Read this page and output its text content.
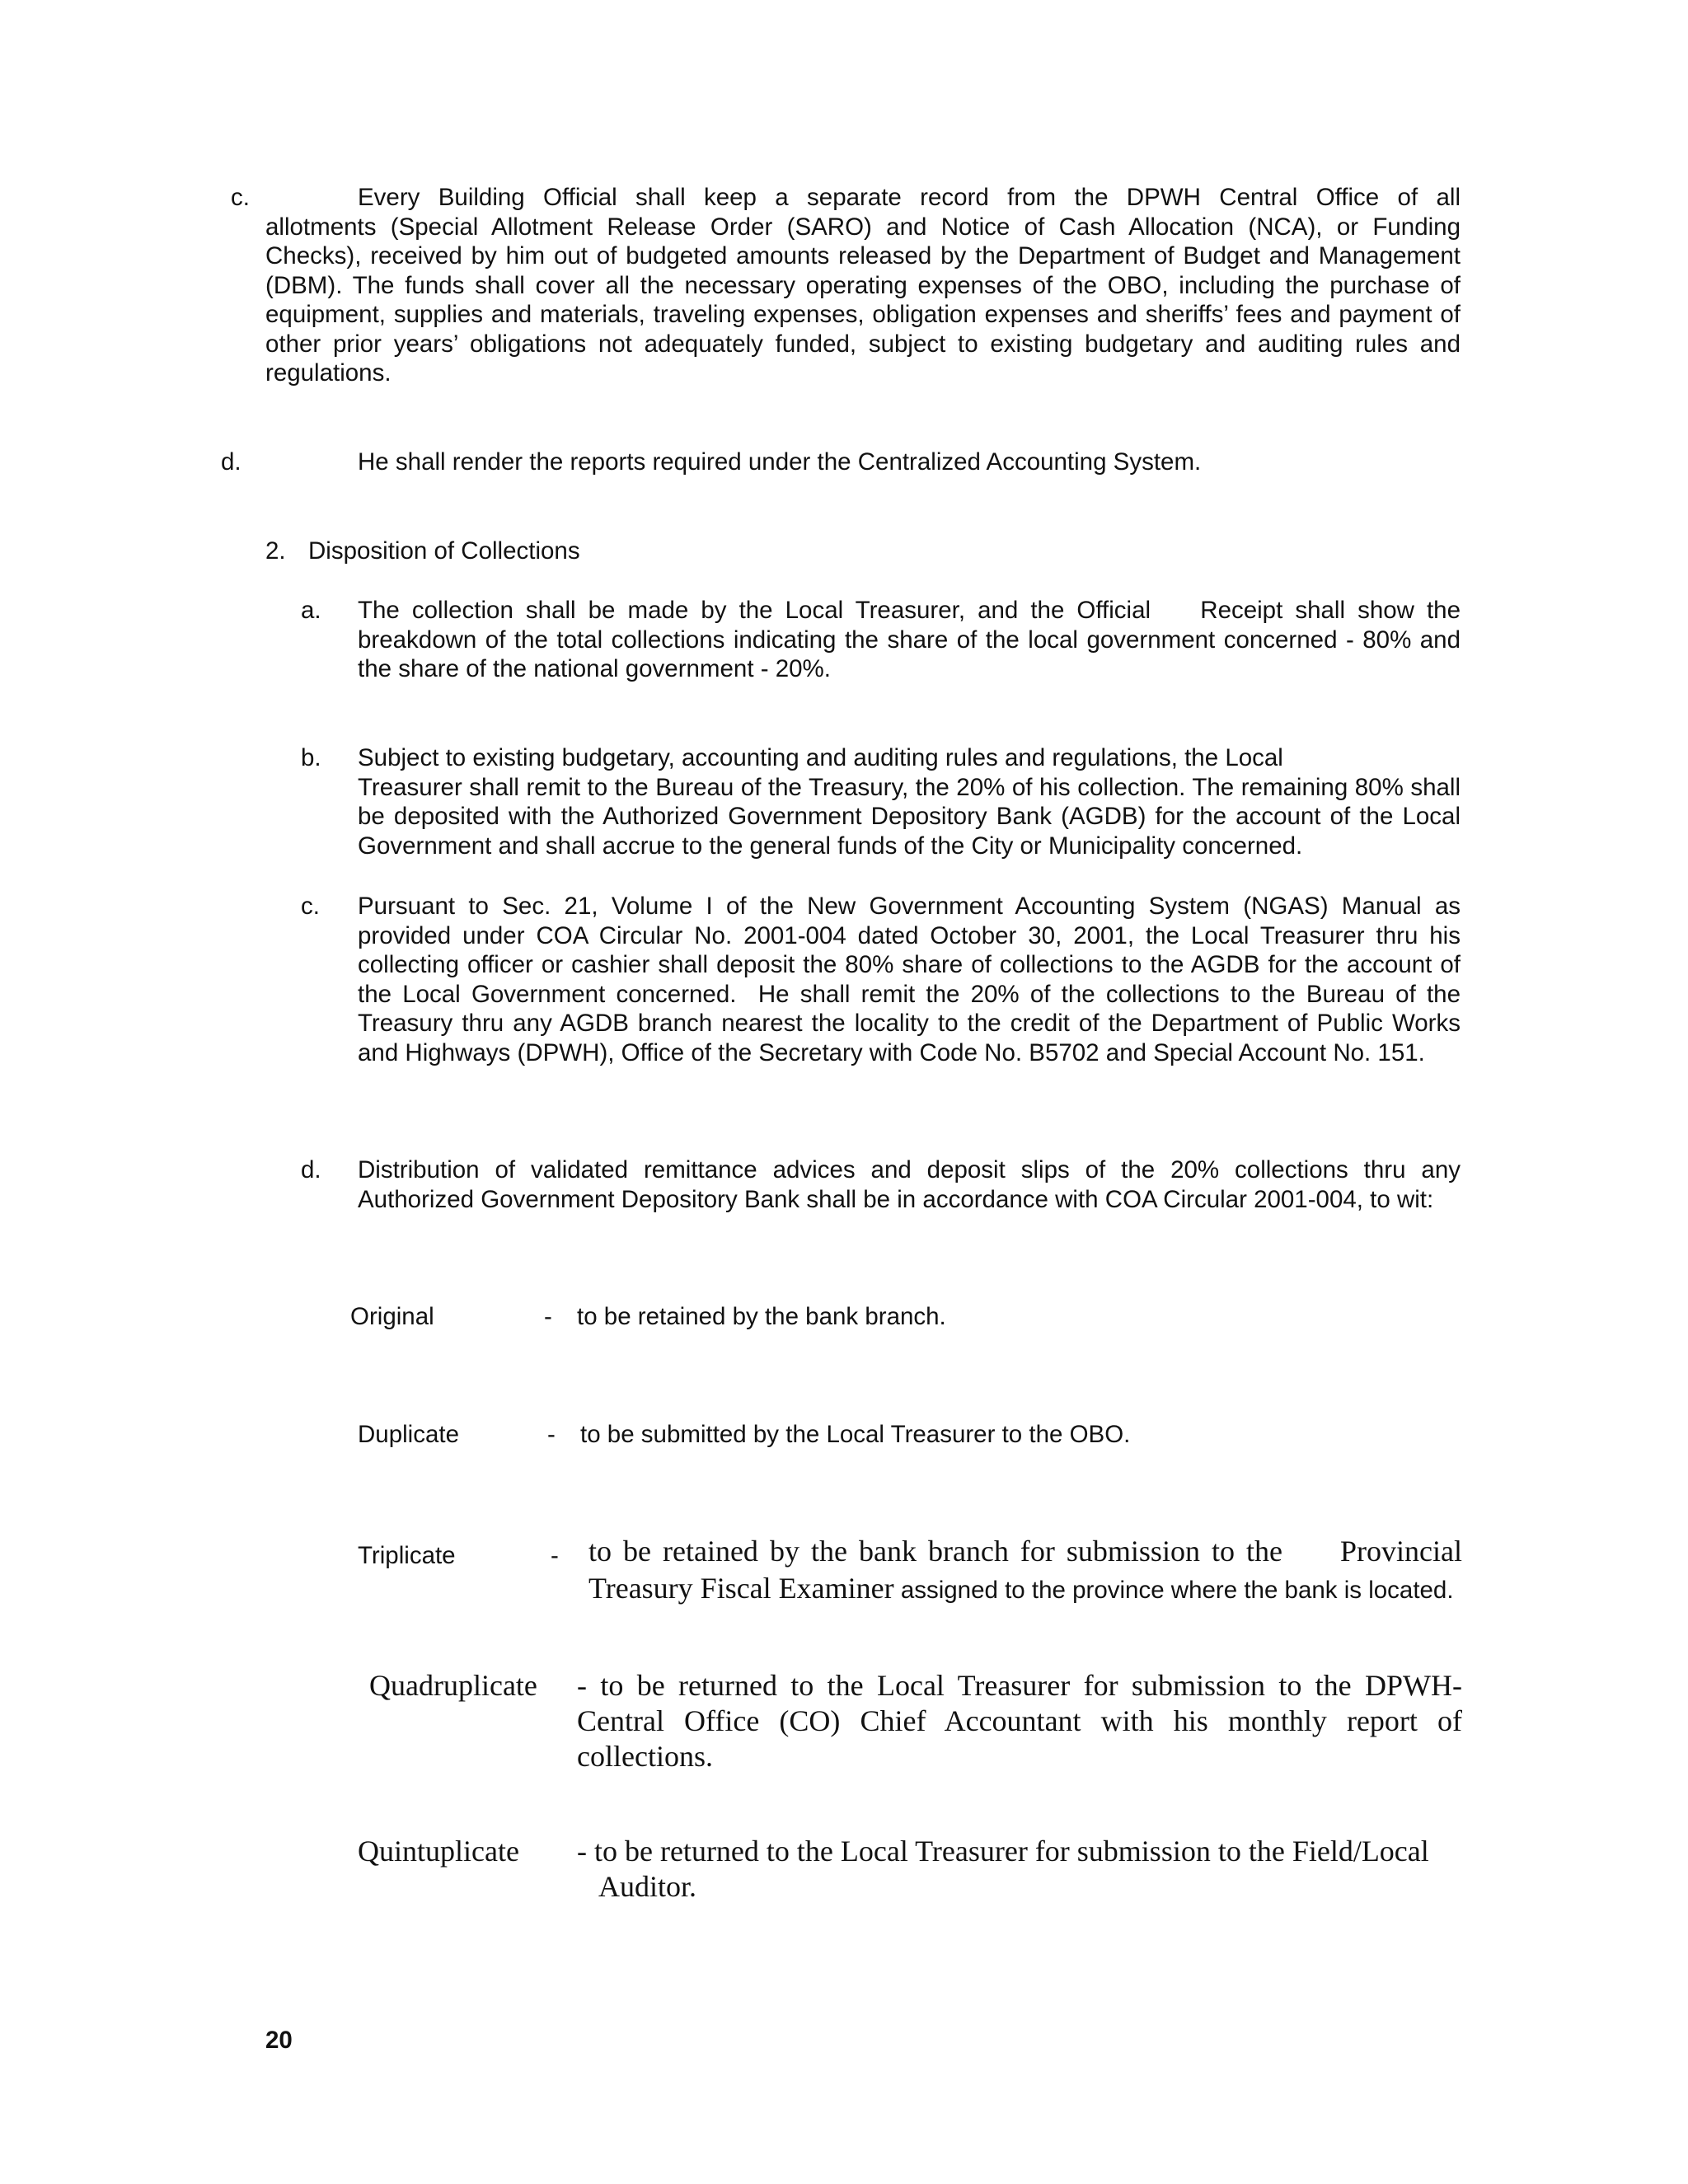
c.	Every Building Official shall keep a separate record from the DPWH Central Office of all
allotments (Special Allotment Release Order (SARO) and Notice of Cash Allocation (NCA), or Funding Checks), received by him out of budgeted amounts released by the Department of Budget and Management (DBM). The funds shall cover all the necessary operating expenses of the OBO, including the purchase of equipment, supplies and materials, traveling expenses, obligation expenses and sheriffs’ fees and payment of other prior years’ obligations not adequately funded, subject to existing budgetary and auditing rules and regulations.
d.	He shall render the reports required under the Centralized Accounting System.
2. Disposition of Collections
a. The collection shall be made by the Local Treasurer, and the Official    Receipt shall show the breakdown of the total collections indicating the share of the local government concerned - 80% and the share of the national government - 20%.
b. Subject to existing budgetary, accounting and auditing rules and regulations, the Local
Treasurer shall remit to the Bureau of the Treasury, the 20% of his collection. The remaining 80% shall be deposited with the Authorized Government Depository Bank (AGDB) for the account of the Local Government and shall accrue to the general funds of the City or Municipality concerned.
c. Pursuant to Sec. 21, Volume I of the New Government Accounting System (NGAS) Manual as provided under COA Circular No. 2001-004 dated October 30, 2001, the Local Treasurer thru his collecting officer or cashier shall deposit the 80% share of collections to the AGDB for the account of the Local Government concerned.  He shall remit the 20% of the collections to the Bureau of the Treasury thru any AGDB branch nearest the locality to the credit of the Department of Public Works and Highways (DPWH), Office of the Secretary with Code No. B5702 and Special Account No. 151.
d. Distribution of validated remittance advices and deposit slips of the 20% collections thru any Authorized Government Depository Bank shall be in accordance with COA Circular 2001-004, to wit:
Original	- to be retained by the bank branch.
Duplicate	- to be submitted by the Local Treasurer to the OBO.
Triplicate	- to be retained by the bank branch for submission to the     Provincial Treasury Fiscal Examiner assigned to the province where the bank is located.
Quadruplicate - to be returned to the Local Treasurer for submission to the DPWH-Central Office (CO) Chief Accountant with his monthly report of collections.
Quintuplicate - to be returned to the Local Treasurer for submission to the Field/Local
Auditor.
20
